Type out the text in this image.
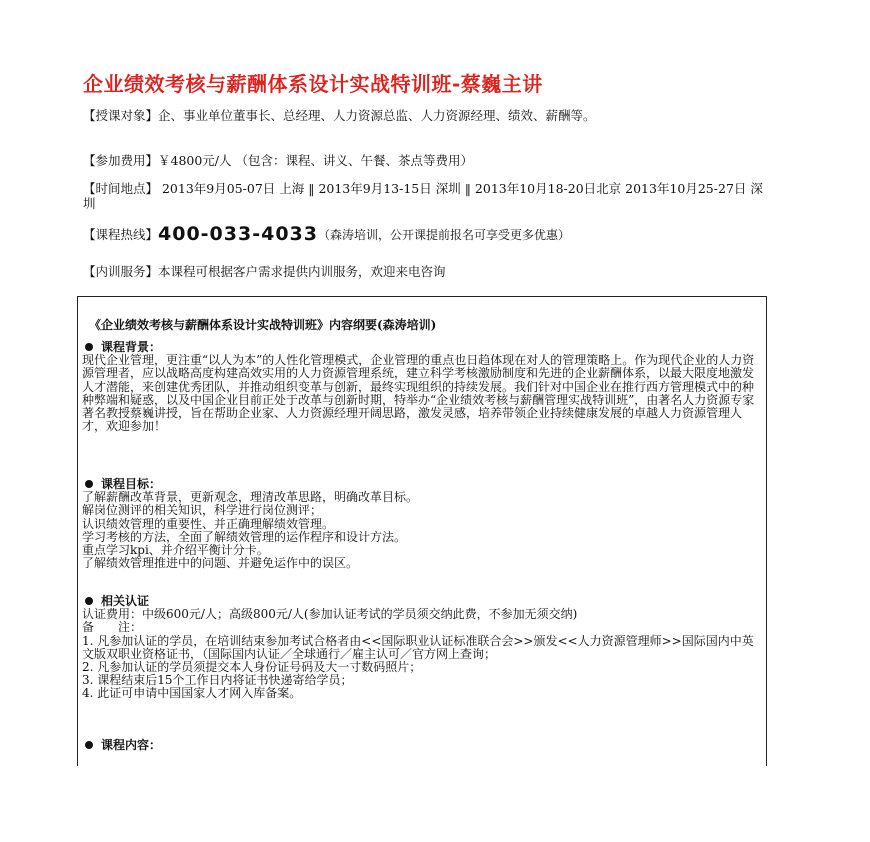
企业绩效考核与薪酬体系设计实战特训班-蔡巍主讲
【授课对象】企、事业单位董事长、总经理、人力资源总监、人力资源经理、绩效、薪酬等。
【参加费用】￥4800元/人 （包含：课程、讲义、午餐、茶点等费用）
【时间地点】 2013年9月05-07日 上海 ‖ 2013年9月13-15日 深圳 ‖ 2013年10月18-20日北京 2013年10月25-27日 深圳
【课程热线】400-033-4033（森涛培训，公开课提前报名可享受更多优惠）
【内训服务】本课程可根据客户需求提供内训服务，欢迎来电咨询
《企业绩效考核与薪酬体系设计实战特训班》内容纲要(森涛培训)
课程背景：
现代企业管理，更注重“以人为本”的人性化管理模式，企业管理的重点也日趋体现在对人的管理策略上。作为现代企业的人力资源管理者，应以战略高度构建高效实用的人力资源管理系统，建立科学考核激励制度和先进的企业薪酬体系，以最大限度地激发人才潜能，来创建优秀团队，并推动组织变革与创新，最终实现组织的持续发展。我们针对中国企业在推行西方管理模式中的种种弊端和疑惑，以及中国企业目前正处于改革与创新时期，特举办“企业绩效考核与薪酬管理实战特训班”，由著名人力资源专家著名教授蔡巍讲授，旨在帮助企业家、人力资源经理开阔思路，激发灵感，培养带领企业持续健康发展的卓越人力资源管理人才，欢迎参加！
课程目标：
了解薪酬改革背景，更新观念，理清改革思路，明确改革目标。
解岗位测评的相关知识，科学进行岗位测评；
认识绩效管理的重要性、并正确理解绩效管理。
学习考核的方法，全面了解绩效管理的运作程序和设计方法。
重点学习kpi、并介绍平衡计分卡。
了解绩效管理推进中的问题、并避免运作中的误区。
相关认证
认证费用：中级600元/人；高级800元/人(参加认证考试的学员须交纳此费，不参加无须交纳)
备　　注：
1. 凡参加认证的学员，在培训结束参加考试合格者由<<国际职业认证标准联合会>>颁发<<人力资源管理师>>国际国内中英文版双职业资格证书，（国际国内认证／全球通行／雇主认可／官方网上查询；
2. 凡参加认证的学员须提交本人身份证号码及大一寸数码照片；
3. 课程结束后15个工作日内将证书快递寄给学员；
4. 此证可申请中国国家人才网入库备案。
课程内容：
